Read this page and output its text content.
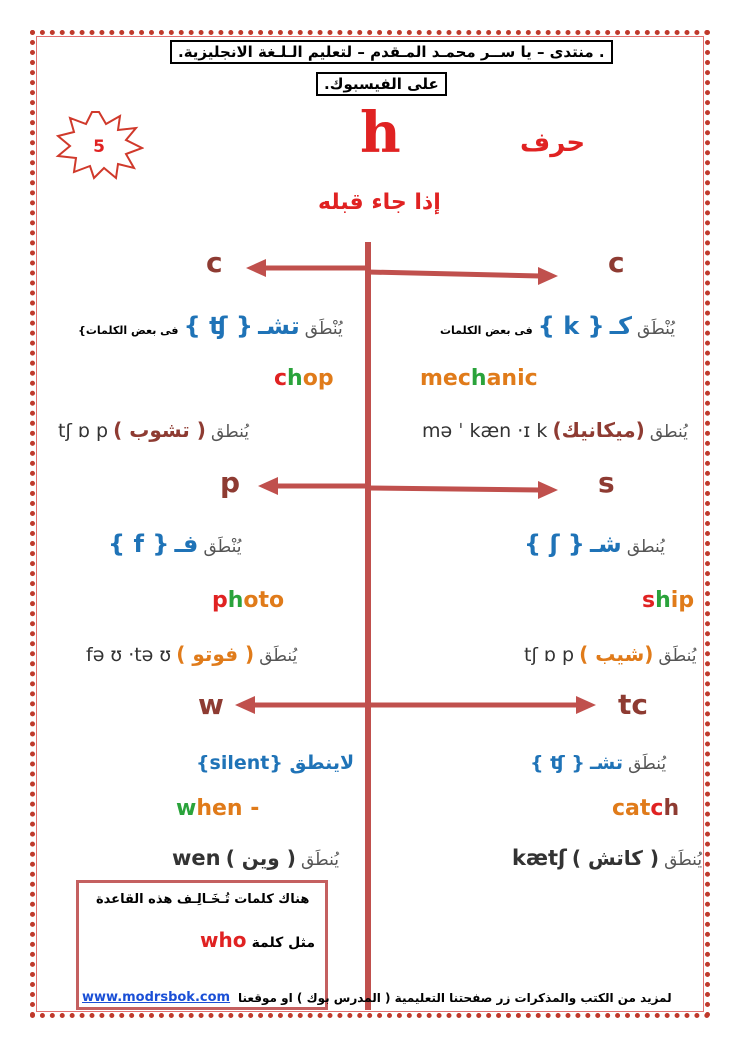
. منتدى – يا ســر محمـد المـقدم – لتعليم الـلـغة الانجليزية.
على الفيسبوك.
5	h	حرف
إذا جاء قبله
c	c
يُنْطَق تشـ { ʧ } فى بعض الكلمات}	يُنْطَق كـ { k } فى بعض الكلمات
chop	mechanic
tʃ ɒ p ( تشوب ) يُنطق	mə ˈ kæn ·ɪ k (ميكانيك) يُنطق
p	s
يُنْطَق فـ { f }	يُنطق شـ { ʃ }
photo	ship
fə ʊ ·tə ʊ ( فوتو ) يُنطَق	tʃ ɒ p ( شيب) يُنطَق
w	tc
لاينطق {silent}	يُنطَق تشـ { ʧ }
when -	catch
wen ( وين ) يُنطَق	kætʃ ( كاتش ) يُنطَق
هناك كلمات تُـخَـالِـف هذه القاعدة
مثل كلمة who
لمزيد من الكتب والمذكرات زر صفحتنا التعليمية ( المدرس بوك ) او موقعنا
www.modrsbok.com
